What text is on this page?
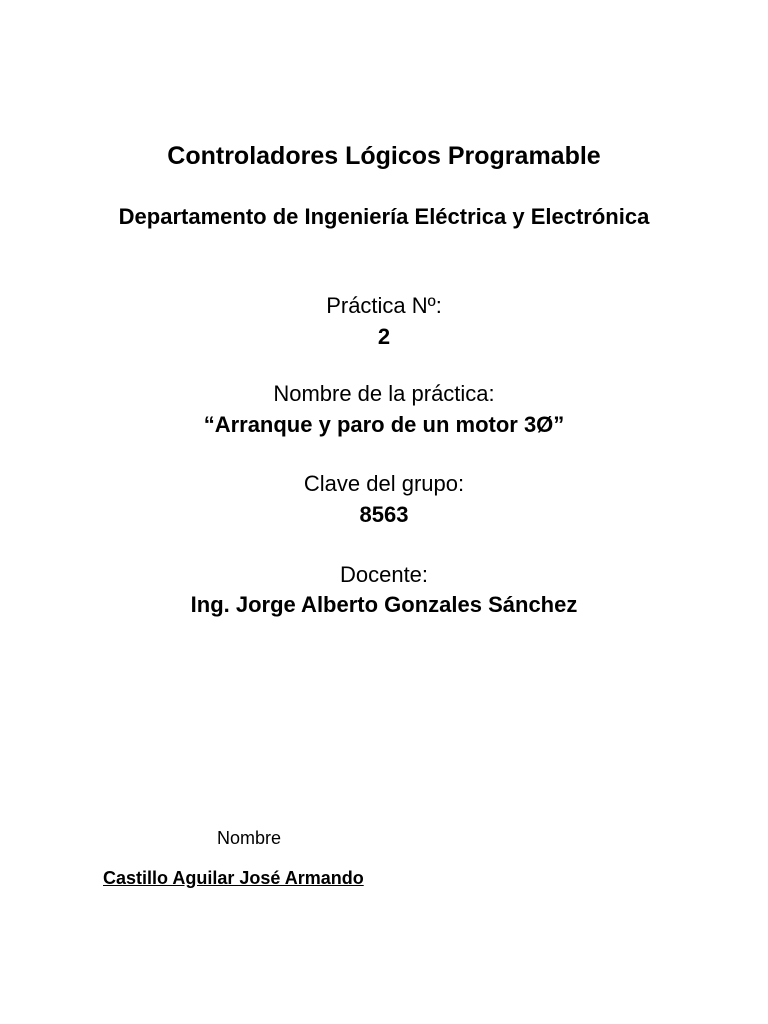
Controladores Lógicos Programable
Departamento de Ingeniería Eléctrica y Electrónica
Práctica Nº:
2
Nombre de la práctica:
“Arranque y paro de un motor 3Ø”
Clave del grupo:
8563
Docente:
Ing. Jorge Alberto Gonzales Sánchez
Nombre
Castillo Aguilar José Armando
